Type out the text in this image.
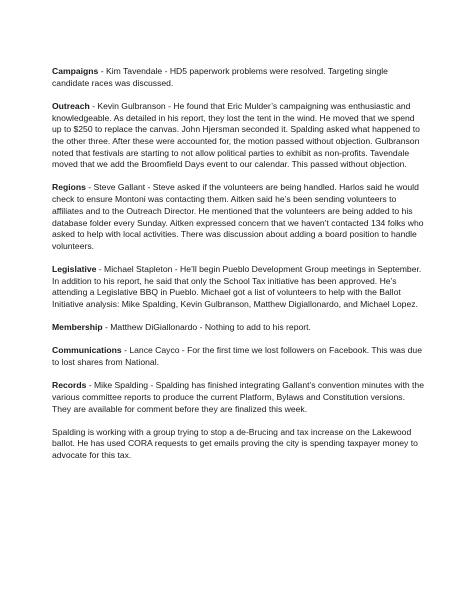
Campaigns - Kim Tavendale - HD5 paperwork problems were resolved. Targeting single candidate races was discussed.

Outreach - Kevin Gulbranson - He found that Eric Mulder’s campaigning was enthusiastic and knowledgeable. As detailed in his report, they lost the tent in the wind. He moved that we spend up to $250 to replace the canvas. John Hjersman seconded it. Spalding asked what happened to the other three. After these were accounted for, the motion passed without objection. Gulbranson noted that festivals are starting to not allow political parties to exhibit as non-profits. Tavendale moved that we add the Broomfield Days event to our calendar. This passed without objection.

Regions - Steve Gallant - Steve asked if the volunteers are being handled. Harlos said he would check to ensure Montoni was contacting them. Aitken said he’s been sending volunteers to affiliates and to the Outreach Director. He mentioned that the volunteers are being added to his database folder every Sunday. Aitken expressed concern that we haven’t contacted 134 folks who asked to help with local activities. There was discussion about adding a board position to handle volunteers.

Legislative - Michael Stapleton - He’ll begin Pueblo Development Group meetings in September. In addition to his report, he said that only the School Tax initiative has been approved. He’s attending a Legislative BBQ in Pueblo. Michael got a list of volunteers to help with the Ballot Initiative analysis: Mike Spalding, Kevin Gulbranson, Matthew Digiallonardo, and Michael Lopez.

Membership - Matthew DiGiallonardo - Nothing to add to his report.

Communications - Lance Cayco - For the first time we lost followers on Facebook. This was due to lost shares from National.

Records - Mike Spalding - Spalding has finished integrating Gallant’s convention minutes with the various committee reports to produce the current Platform, Bylaws and Constitution versions. They are available for comment before they are finalized this week.

Spalding is working with a group trying to stop a de-Brucing and tax increase on the Lakewood ballot. He has used CORA requests to get emails proving the city is spending taxpayer money to advocate for this tax.
